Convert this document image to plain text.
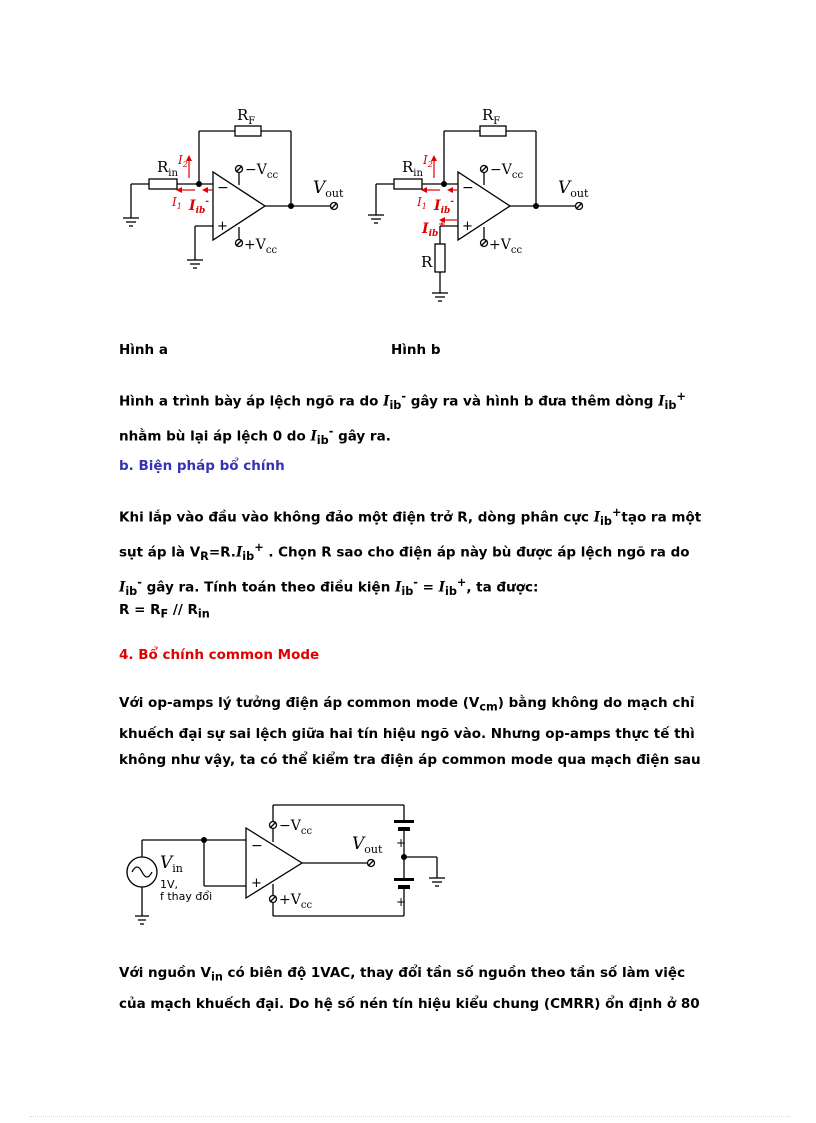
$R_F$
$R_{in}$
$I_2$
$I_1$ $I_{ib}^-$
−
+
$-V_{cc}$
$+V_{cc}$
$V_{out}$
$R_F$
$R_{in}$
$I_2$
$I_1$ $I_{ib}^-$
$I_{ib}^+$
−
+
R
$-V_{cc}$
$+V_{cc}$
$V_{out}$
Hình a	Hình b

Hình a trình bày áp lệch ngõ ra do $I_{ib}^-$ gây ra và hình b đưa thêm dòng $I_{ib}^+$ nhằm bù lại áp lệch 0 do $I_{ib}^-$ gây ra.

b. Biện pháp bổ chính

Khi lắp vào đầu vào không đảo một điện trở R, dòng phân cực $I_{ib}^+tạo$ ra một sụt áp là $V_R=R.I_{ib}^+$ . Chọn R sao cho điện áp này bù được áp lệch ngõ ra do $I_{ib}^-$ gây ra. Tính toán theo điều kiện $I_{ib}^- = I_{ib}^+$, ta được:

$R = R_F // R_{in}$

4. Bổ chính common Mode

Với op-amps lý tưởng điện áp common mode $(V_{cm})$ bằng không do mạch chỉ khuếch đại sự sai lệch giữa hai tín hiệu ngõ vào. Nhưng op-amps thực tế thì không như vậy, ta có thể kiểm tra điện áp common mode qua mạch điện sau

$V_{in}$
1V,
f thay đổi
−
+
$-V_{cc}$
$+V_{cc}$
$V_{out}$ +
+

Với nguồn $V_{in}$ có biên độ 1VAC, thay đổi tần số nguồn theo tần số làm việc của mạch khuếch đại. Do hệ số nén tín hiệu kiểu chung (CMRR) ổn định ở 80
